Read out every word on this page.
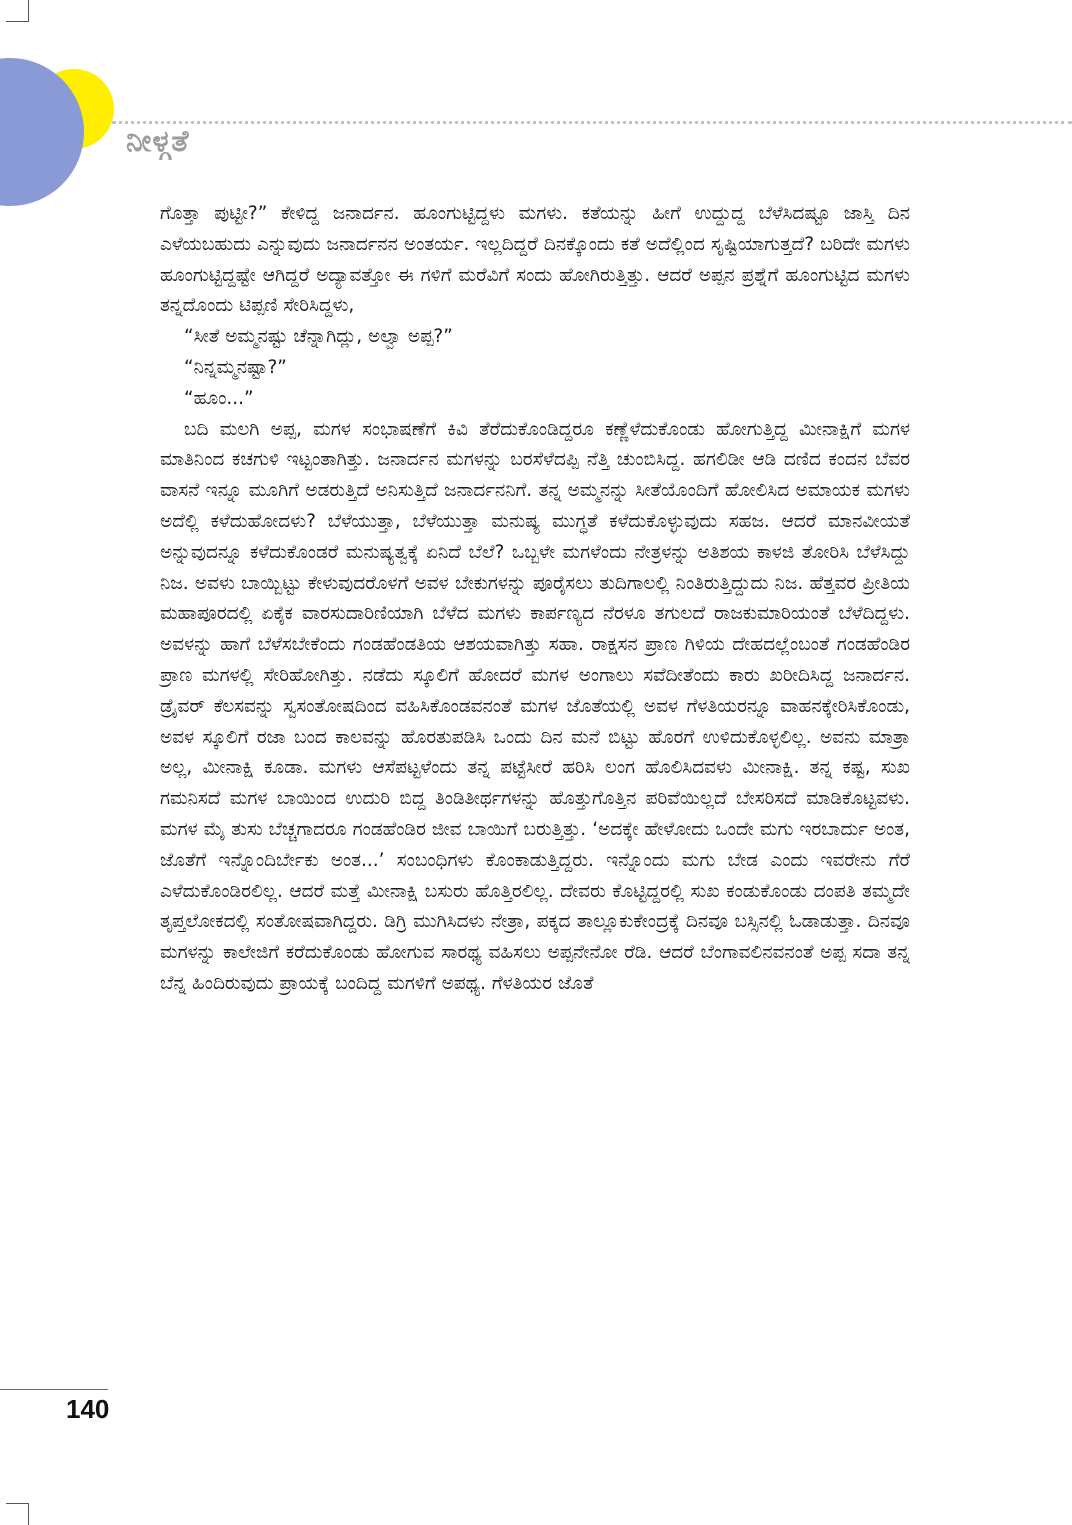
ನೀಳ್ಗತೆ

ಗೊತ್ತಾ ಪುಟ್ಟೀ?” ಕೇಳಿದ್ದ ಜನಾರ್ದನ. ಹೂಂಗುಟ್ಟಿದ್ದಳು ಮಗಳು. ಕತೆಯನ್ನು ಹೀಗೆ ಉದ್ದುದ್ದ ಬೆಳೆಸಿದಷ್ಟೂ ಜಾಸ್ತಿ ದಿನ ಎಳೆಯಬಹುದು ಎನ್ನುವುದು ಜನಾರ್ದನನ ಅಂತರ್ಯ. ಇಲ್ಲದಿದ್ದರೆ ದಿನಕ್ಕೊಂದು ಕತೆ ಅದೆಲ್ಲಿಂದ ಸೃಷ್ಟಿಯಾಗುತ್ತದೆ? ಬರಿದೇ ಮಗಳು ಹೂಂಗುಟ್ಟಿದ್ದಷ್ಟೇ ಆಗಿದ್ದರೆ ಅದ್ಯಾವತ್ತೋ ಈ ಗಳಿಗೆ ಮರೆವಿಗೆ ಸಂದು ಹೋಗಿರುತ್ತಿತ್ತು. ಆದರೆ ಅಪ್ಪನ ಪ್ರಶ್ನೆಗೆ ಹೂಂಗುಟ್ಟಿದ ಮಗಳು ತನ್ನದೊಂದು ಟಿಪ್ಪಣಿ ಸೇರಿಸಿದ್ದಳು,

“ಸೀತೆ ಅಮ್ಮನಷ್ಟು ಚೆನ್ನಾಗಿದ್ಲು, ಅಲ್ವಾ ಅಪ್ಪ?”

“ನಿನ್ನಮ್ಮನಷ್ಟಾ?”

“ಹೂಂ...”

ಬದಿ ಮಲಗಿ ಅಪ್ಪ, ಮಗಳ ಸಂಭಾಷಣೆಗೆ ಕಿವಿ ತೆರೆದುಕೊಂಡಿದ್ದರೂ ಕಣ್ಣೆಳೆದುಕೊಂಡು ಹೋಗುತ್ತಿದ್ದ ಮೀನಾಕ್ಷಿಗೆ ಮಗಳ ಮಾತಿನಿಂದ ಕಚಗುಳಿ ಇಟ್ಟಂತಾಗಿತ್ತು. ಜನಾರ್ದನ ಮಗಳನ್ನು ಬರಸೆಳೆದಪ್ಪಿ ನೆತ್ತಿ ಚುಂಬಿಸಿದ್ದ. ಹಗಲಿಡೀ ಆಡಿ ದಣಿದ ಕಂದನ ಬೆವರ ವಾಸನೆ ಇನ್ನೂ ಮೂಗಿಗೆ ಅಡರುತ್ತಿದೆ ಅನಿಸುತ್ತಿದೆ ಜನಾರ್ದನನಿಗೆ. ತನ್ನ ಅಮ್ಮನನ್ನು ಸೀತೆಯೊಂದಿಗೆ ಹೋಲಿಸಿದ ಅಮಾಯಕ ಮಗಳು ಅದೆಲ್ಲಿ ಕಳೆದುಹೋದಳು? ಬೆಳೆಯುತ್ತಾ, ಬೆಳೆಯುತ್ತಾ ಮನುಷ್ಯ ಮುಗ್ಧತೆ ಕಳೆದುಕೊಳ್ಳುವುದು ಸಹಜ. ಆದರೆ ಮಾನವೀಯತೆ ಅನ್ನುವುದನ್ನೂ ಕಳೆದುಕೊಂಡರೆ ಮನುಷ್ಯತ್ವಕ್ಕೆ ಏನಿದೆ ಬೆಲೆ? ಒಬ್ಬಳೇ ಮಗಳೆಂದು ನೇತ್ರಳನ್ನು ಅತಿಶಯ ಕಾಳಜಿ ತೋರಿಸಿ ಬೆಳೆಸಿದ್ದು ನಿಜ. ಅವಳು ಬಾಯ್ಬಿಟ್ಟು ಕೇಳುವುದರೊಳಗೆ ಅವಳ ಬೇಕುಗಳನ್ನು ಪೂರೈಸಲು ತುದಿಗಾಲಲ್ಲಿ ನಿಂತಿರುತ್ತಿದ್ದುದು ನಿಜ. ಹೆತ್ತವರ ಪ್ರೀತಿಯ ಮಹಾಪೂರದಲ್ಲಿ ಏಕೈಕ ವಾರಸುದಾರಿಣಿಯಾಗಿ ಬೆಳೆದ ಮಗಳು ಕಾರ್ಪಣ್ಯದ ನೆರಳೂ ತಗುಲದೆ ರಾಜಕುಮಾರಿಯಂತೆ ಬೆಳೆದಿದ್ದಳು. ಅವಳನ್ನು ಹಾಗೆ ಬೆಳೆಸಬೇಕೆಂದು ಗಂಡಹೆಂಡತಿಯ ಆಶಯವಾಗಿತ್ತು ಸಹಾ. ರಾಕ್ಷಸನ ಪ್ರಾಣ ಗಿಳಿಯ ದೇಹದಲ್ಲೆಂಬಂತೆ ಗಂಡಹೆಂಡಿರ ಪ್ರಾಣ ಮಗಳಲ್ಲಿ ಸೇರಿಹೋಗಿತ್ತು. ನಡೆದು ಸ್ಕೂಲಿಗೆ ಹೋದರೆ ಮಗಳ ಅಂಗಾಲು ಸವೆದೀತೆಂದು ಕಾರು ಖರೀದಿಸಿದ್ದ ಜನಾರ್ದನ. ಡ್ರೈವರ್ ಕೆಲಸವನ್ನು ಸ್ವಸಂತೋಷದಿಂದ ವಹಿಸಿಕೊಂಡವನಂತೆ ಮಗಳ ಜೊತೆಯಲ್ಲಿ ಅವಳ ಗೆಳತಿಯರನ್ನೂ ವಾಹನಕ್ಕೇರಿಸಿಕೊಂಡು, ಅವಳ ಸ್ಕೂಲಿಗೆ ರಜಾ ಬಂದ ಕಾಲವನ್ನು ಹೊರತುಪಡಿಸಿ ಒಂದು ದಿನ ಮನೆ ಬಿಟ್ಟು ಹೊರಗೆ ಉಳಿದುಕೊಳ್ಳಲಿಲ್ಲ. ಅವನು ಮಾತ್ರಾ ಅಲ್ಲ, ಮೀನಾಕ್ಷಿ ಕೂಡಾ. ಮಗಳು ಆಸೆಪಟ್ಟಳೆಂದು ತನ್ನ ಪಟ್ಟೆಸೀರೆ ಹರಿಸಿ ಲಂಗ ಹೊಲಿಸಿದವಳು ಮೀನಾಕ್ಷಿ. ತನ್ನ ಕಷ್ಟ, ಸುಖ ಗಮನಿಸದೆ ಮಗಳ ಬಾಯಿಂದ ಉದುರಿ ಬಿದ್ದ ತಿಂಡಿತೀರ್ಥಗಳನ್ನು ಹೊತ್ತುಗೊತ್ತಿನ ಪರಿವೆಯಿಲ್ಲದೆ ಬೇಸರಿಸದೆ ಮಾಡಿಕೊಟ್ಟವಳು. ಮಗಳ ಮೈ ತುಸು ಬೆಚ್ಚಗಾದರೂ ಗಂಡಹೆಂಡಿರ ಜೀವ ಬಾಯಿಗೆ ಬರುತ್ತಿತ್ತು. ‘ಅದಕ್ಕೇ ಹೇಳೋದು ಒಂದೇ ಮಗು ಇರಬಾರ್ದು ಅಂತ, ಜೊತೆಗೆ ಇನ್ನೊಂದಿರ್ಬೇಕು ಅಂತ...’ ಸಂಬಂಧಿಗಳು ಕೊಂಕಾಡುತ್ತಿದ್ದರು. ಇನ್ನೊಂದು ಮಗು ಬೇಡ ಎಂದು ಇವರೇನು ಗೆರೆ ಎಳೆದುಕೊಂಡಿರಲಿಲ್ಲ. ಆದರೆ ಮತ್ತೆ ಮೀನಾಕ್ಷಿ ಬಸುರು ಹೊತ್ತಿರಲಿಲ್ಲ. ದೇವರು ಕೊಟ್ಟಿದ್ದರಲ್ಲಿ ಸುಖ ಕಂಡುಕೊಂಡು ದಂಪತಿ ತಮ್ಮದೇ ತೃಪ್ತಲೋಕದಲ್ಲಿ ಸಂತೋಷವಾಗಿದ್ದರು. ಡಿಗ್ರಿ ಮುಗಿಸಿದಳು ನೇತ್ರಾ, ಪಕ್ಕದ ತಾಲ್ಲೂಕುಕೇಂದ್ರಕ್ಕೆ ದಿನವೂ ಬಸ್ಸಿನಲ್ಲಿ ಓಡಾಡುತ್ತಾ. ದಿನವೂ ಮಗಳನ್ನು ಕಾಲೇಜಿಗೆ ಕರೆದುಕೊಂಡು ಹೋಗುವ ಸಾರಥ್ಯ ವಹಿಸಲು ಅಪ್ಪನೇನೋ ರೆಡಿ. ಆದರೆ ಬೆಂಗಾವಲಿನವನಂತೆ ಅಪ್ಪ ಸದಾ ತನ್ನ ಬೆನ್ನ ಹಿಂದಿರುವುದು ಪ್ರಾಯಕ್ಕೆ ಬಂದಿದ್ದ ಮಗಳಿಗೆ ಅಪಥ್ಯ. ಗೆಳತಿಯರ ಜೊತೆ

140
